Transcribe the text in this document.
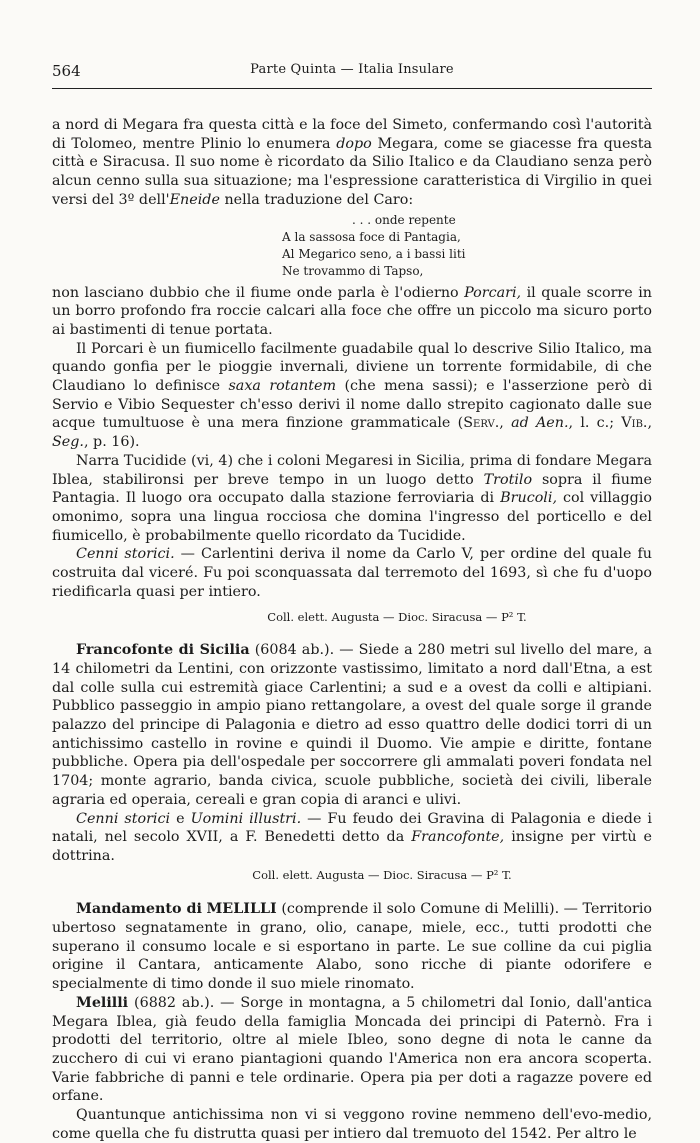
564	Parte Quinta — Italia Insulare

a nord di Megara fra questa città e la foce del Simeto, confermando così l'autorità di Tolomeo, mentre Plinio lo enumera dopo Megara, come se giacesse fra questa città e Siracusa. Il suo nome è ricordato da Silio Italico e da Claudiano senza però alcun cenno sulla sua situazione; ma l'espressione caratteristica di Virgilio in quei versi del 3º dell'Eneide nella traduzione del Caro:

. . . onde repente
A la sassosa foce di Pantagia,
Al Megarico seno, a i bassi liti
Ne trovammo di Tapso,

non lasciano dubbio che il fiume onde parla è l'odierno Porcari, il quale scorre in un borro profondo fra roccie calcari alla foce che offre un piccolo ma sicuro porto ai bastimenti di tenue portata.

Il Porcari è un fiumicello facilmente guadabile qual lo descrive Silio Italico, ma quando gonfia per le pioggie invernali, diviene un torrente formidabile, di che Claudiano lo definisce saxa rotantem (che mena sassi); e l'asserzione però di Servio e Vibio Sequester ch'esso derivi il nome dallo strepito cagionato dalle sue acque tumultuose è una mera finzione grammaticale (Serv., ad Aen., l. c.; Vib., Seg., p. 16).

Narra Tucidide (vi, 4) che i coloni Megaresi in Sicilia, prima di fondare Megara Iblea, stabilironsi per breve tempo in un luogo detto Trotilo sopra il fiume Pantagia. Il luogo ora occupato dalla stazione ferroviaria di Brucoli, col villaggio omonimo, sopra una lingua rocciosa che domina l'ingresso del porticello e del fiumicello, è probabilmente quello ricordato da Tucidide.

Cenni storici. — Carlentini deriva il nome da Carlo V, per ordine del quale fu costruita dal viceré. Fu poi sconquassata dal terremoto del 1693, sì che fu d'uopo riedificarla quasi per intiero.

Coll. elett. Augusta — Dioc. Siracusa — P² T.

Francofonte di Sicilia (6084 ab.). — Siede a 280 metri sul livello del mare, a 14 chilometri da Lentini, con orizzonte vastissimo, limitato a nord dall'Etna, a est dal colle sulla cui estremità giace Carlentini; a sud e a ovest da colli e altipiani. Pubblico passeggio in ampio piano rettangolare, a ovest del quale sorge il grande palazzo del principe di Palagonia e dietro ad esso quattro delle dodici torri di un antichissimo castello in rovine e quindi il Duomo. Vie ampie e diritte, fontane pubbliche. Opera pia dell'ospedale per soccorrere gli ammalati poveri fondata nel 1704; monte agrario, banda civica, scuole pubbliche, società dei civili, liberale agraria ed operaia, cereali e gran copia di aranci e ulivi.

Cenni storici e Uomini illustri. — Fu feudo dei Gravina di Palagonia e diede i natali, nel secolo XVII, a F. Benedetti detto da Francofonte, insigne per virtù e dottrina.

Coll. elett. Augusta — Dioc. Siracusa — P² T.

Mandamento di MELILLI (comprende il solo Comune di Melilli). — Territorio ubertoso segnatamente in grano, olio, canape, miele, ecc., tutti prodotti che superano il consumo locale e si esportano in parte. Le sue colline da cui piglia origine il Cantara, anticamente Alabo, sono ricche di piante odorifere e specialmente di timo donde il suo miele rinomato.

Melilli (6882 ab.). — Sorge in montagna, a 5 chilometri dal Ionio, dall'antica Megara Iblea, già feudo della famiglia Moncada dei principi di Paternò. Fra i prodotti del territorio, oltre al miele Ibleo, sono degne di nota le canne da zucchero di cui vi erano piantagioni quando l'America non era ancora scoperta. Varie fabbriche di panni e tele ordinarie. Opera pia per doti a ragazze povere ed orfane.

Quantunque antichissima non vi si veggono rovine nemmeno dell'evo-medio, come quella che fu distrutta quasi per intiero dal tremuoto del 1542. Per altro le
